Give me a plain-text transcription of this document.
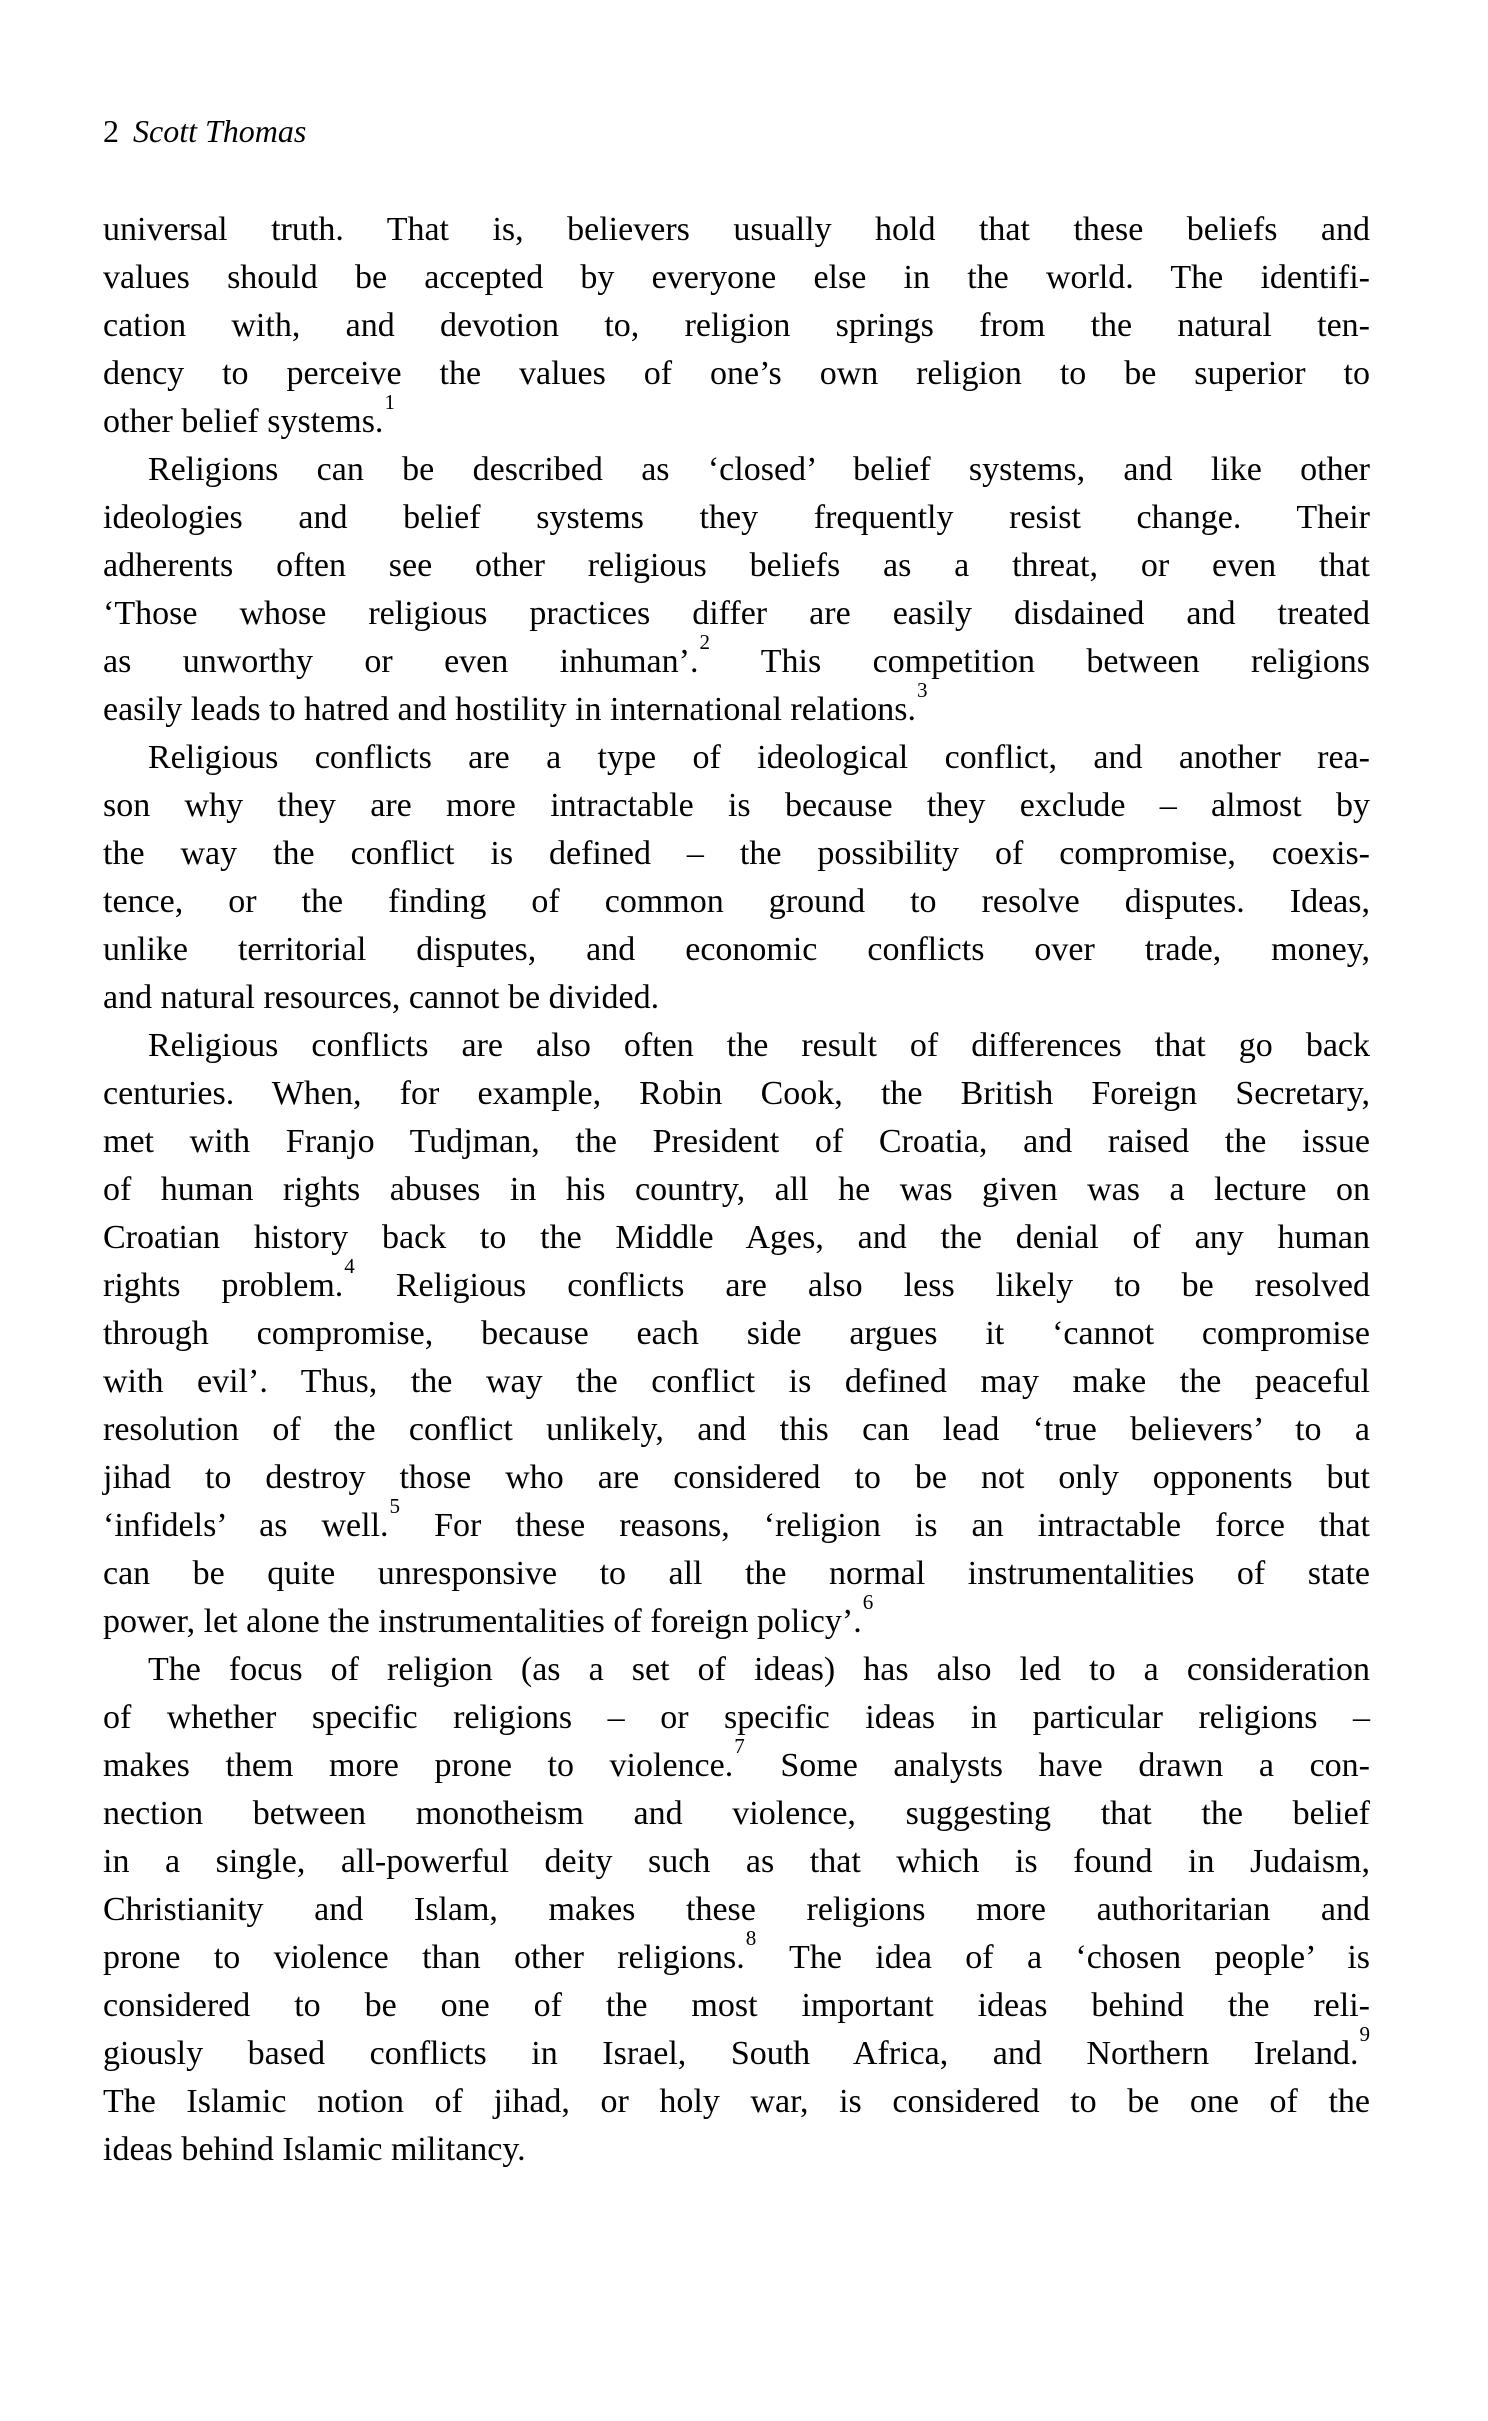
2 Scott Thomas
universal truth. That is, believers usually hold that these beliefs and
values should be accepted by everyone else in the world. The identifi-
cation with, and devotion to, religion springs from the natural ten-
dency to perceive the values of one’s own religion to be superior to
other belief systems.$^1$
Religions can be described as ‘closed’ belief systems, and like other
ideologies and belief systems they frequently resist change. Their
adherents often see other religious beliefs as a threat, or even that
‘Those whose religious practices differ are easily disdained and treated
as unworthy or even inhuman’.$^2$ This competition between religions
easily leads to hatred and hostility in international relations.$^3$
Religious conflicts are a type of ideological conflict, and another rea-
son why they are more intractable is because they exclude – almost by
the way the conflict is defined – the possibility of compromise, coexis-
tence, or the finding of common ground to resolve disputes. Ideas,
unlike territorial disputes, and economic conflicts over trade, money,
and natural resources, cannot be divided.
Religious conflicts are also often the result of differences that go back
centuries. When, for example, Robin Cook, the British Foreign Secretary,
met with Franjo Tudjman, the President of Croatia, and raised the issue
of human rights abuses in his country, all he was given was a lecture on
Croatian history back to the Middle Ages, and the denial of any human
rights problem.$^4$ Religious conflicts are also less likely to be resolved
through compromise, because each side argues it ‘cannot compromise
with evil’. Thus, the way the conflict is defined may make the peaceful
resolution of the conflict unlikely, and this can lead ‘true believers’ to a
jihad to destroy those who are considered to be not only opponents but
‘infidels’ as well.$^5$ For these reasons, ‘religion is an intractable force that
can be quite unresponsive to all the normal instrumentalities of state
power, let alone the instrumentalities of foreign policy’.$^6$
The focus of religion (as a set of ideas) has also led to a consideration
of whether specific religions – or specific ideas in particular religions –
makes them more prone to violence.$^7$ Some analysts have drawn a con-
nection between monotheism and violence, suggesting that the belief
in a single, all-powerful deity such as that which is found in Judaism,
Christianity and Islam, makes these religions more authoritarian and
prone to violence than other religions.$^8$ The idea of a ‘chosen people’ is
considered to be one of the most important ideas behind the reli-
giously based conflicts in Israel, South Africa, and Northern Ireland.$^9$
The Islamic notion of jihad, or holy war, is considered to be one of the
ideas behind Islamic militancy.
